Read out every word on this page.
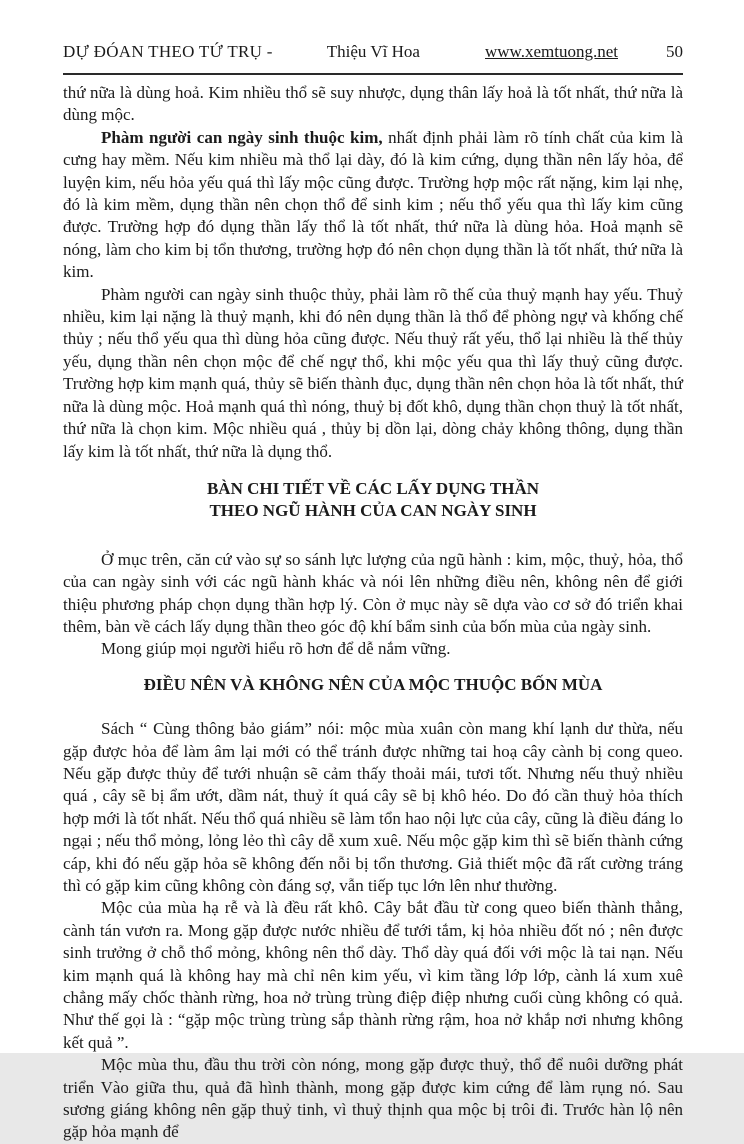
DỰ ĐÓAN THEO TỨ TRỤ -	Thiệu Vĩ Hoa	www.xemtuong.net	50

thứ nữa là dùng hoả. Kim nhiều thổ sẽ suy nhược, dụng thân lấy hoả là tốt nhất, thứ nữa là dùng mộc.

Phàm người can ngày sinh thuộc kim, nhất định phải làm rõ tính chất của kim là cưng hay mềm. Nếu kim nhiều mà thổ lại dày, đó là kim cứng, dụng thần nên lấy hỏa, để luyện kim, nếu hỏa yếu quá thì lấy mộc cũng được. Trường hợp mộc rất nặng, kim lại nhẹ, đó là kim mềm, dụng thần nên chọn thổ để sinh kim ; nếu thổ yếu qua thì lấy kim cũng được. Trường hợp đó dụng thần lấy thổ là tốt nhất, thứ nữa là dùng hỏa. Hoả mạnh sẽ nóng, làm cho kim bị tổn thương, trường hợp đó nên chọn dụng thần là tốt nhất, thứ nữa là kim.

Phàm người can ngày sinh thuộc thủy, phải làm rõ thế của thuỷ mạnh hay yếu. Thuỷ nhiều, kim lại nặng là thuỷ mạnh, khi đó nên dụng thần là thổ để phòng ngự và khống chế thủy ; nếu thổ yếu qua thì dùng hỏa cũng được. Nếu thuỷ rất yếu, thổ lại nhiều là thế thủy yếu, dụng thần nên chọn mộc để chế ngự thổ, khi mộc yếu qua thì lấy thuỷ cũng được. Trường hợp kim mạnh quá, thủy sẽ biến thành đục, dụng thần nên chọn hỏa là tốt nhất, thứ nữa là dùng mộc. Hoả mạnh quá thì nóng, thuỷ bị đốt khô, dụng thần chọn thuỷ là tốt nhất, thứ nữa là chọn kim. Mộc nhiều quá , thủy bị dồn lại, dòng chảy không thông, dụng thần lấy kim là tốt nhất, thứ nữa là dụng thổ.

BÀN CHI TIẾT VỀ CÁC LẤY DỤNG THẦN
THEO NGŨ HÀNH CỦA CAN NGÀY SINH

Ở mục trên, căn cứ vào sự so sánh lực lượng của ngũ hành : kim, mộc, thuỷ, hỏa, thổ của can ngày sinh với các ngũ hành khác và nói lên những điều nên, không nên để giới thiệu phương pháp chọn dụng thần hợp lý. Còn ở mục này sẽ dựa vào cơ sở đó triển khai thêm, bàn về cách lấy dụng thần theo góc độ khí bẩm sinh của bốn mùa của ngày sinh.

Mong giúp mọi người hiểu rõ hơn để dễ nắm vững.

ĐIỀU NÊN VÀ KHÔNG NÊN CỦA MỘC THUỘC BỐN MÙA

Sách “ Cùng thông bảo giám” nói: mộc mùa xuân còn mang khí lạnh dư thừa, nếu gặp được hỏa để làm âm lại mới có thể tránh được những tai hoạ cây cành bị cong queo. Nếu gặp được thủy để tưới nhuận sẽ cảm thấy thoải mái, tươi tốt. Nhưng nếu thuỷ nhiều quá , cây sẽ bị ẩm ướt, dầm nát, thuỷ ít quá cây sẽ bị khô héo. Do đó cần thuỷ hỏa thích hợp mới là tốt nhất. Nếu thổ quá nhiều sẽ làm tổn hao nội lực của cây, cũng là điều đáng lo ngại ; nếu thổ mỏng, lỏng lẻo thì cây dễ xum xuê. Nếu mộc gặp kim thì sẽ biến thành cứng cáp, khi đó nếu gặp hỏa sẽ không đến nỗi bị tổn thương. Giả thiết mộc đã rất cường tráng thì có gặp kim cũng không còn đáng sợ, vẫn tiếp tục lớn lên như thường.

Mộc của mùa hạ rễ và là đều rất khô. Cây bắt đầu từ cong queo biến thành thẳng, cành tán vươn ra. Mong gặp được nước nhiều để tưới tắm, kị hỏa nhiều đốt nó ; nên được sinh trưởng ở chỗ thổ mỏng, không nên thổ dày. Thổ dày quá đối với mộc là tai nạn. Nếu kim mạnh quá là không hay mà chỉ nên kim yếu, vì kim tầng lớp lớp, cành lá xum xuê chẳng mấy chốc thành rừng, hoa nở trùng trùng điệp điệp nhưng cuối cùng không có quả. Như thế gọi là : “gặp mộc trùng trùng sắp thành rừng rậm, hoa nở khắp nơi nhưng không kết quả ”.

Mộc mùa thu, đầu thu trời còn nóng, mong gặp được thuỷ, thổ để nuôi dưỡng phát triển Vào giữa thu, quả đã hình thành, mong gặp được kim cứng để làm rụng nó. Sau sương giáng không nên gặp thuỷ tinh, vì thuỷ thịnh qua mộc bị trôi đi. Trước hàn lộ nên gặp hỏa mạnh để
